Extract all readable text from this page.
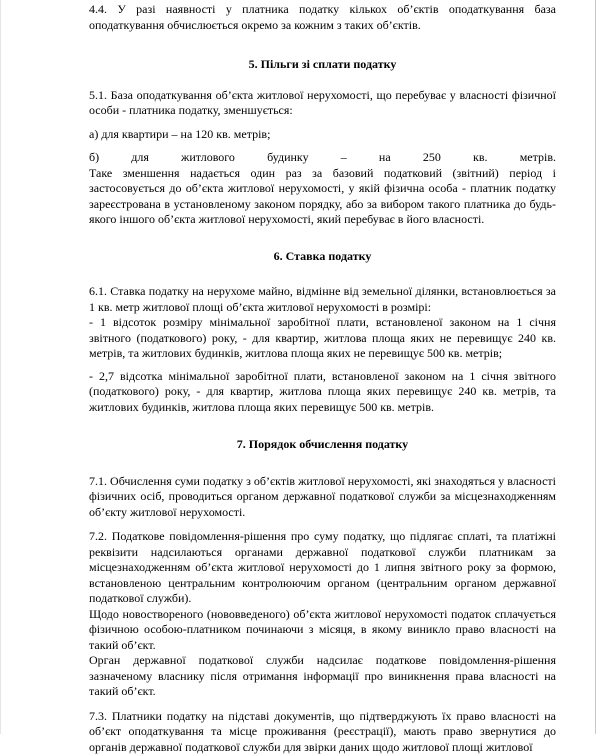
4.4. У разі наявності у платника податку кількох об’єктів оподаткування база оподаткування обчислюється окремо за кожним з таких об’єктів.

5. Пільги зі сплати податку

5.1. База оподаткування об’єкта житлової нерухомості, що перебуває у власності фізичної особи - платника податку, зменшується:

а) для квартири – на 120 кв. метрів;

б) для житлового будинку – на 250 кв. метрів.

Таке зменшення надається один раз за базовий податковий (звітний) період і застосовується до об’єкта житлової нерухомості, у якій фізична особа - платник податку зареєстрована в установленому законом порядку, або за вибором такого платника до будь-якого іншого об’єкта житлової нерухомості, який перебуває в його власності.

6. Ставка податку

6.1. Ставка податку на нерухоме майно, відмінне від земельної ділянки, встановлюється за 1 кв. метр житлової площі об’єкта житлової нерухомості в розмірі:

- 1 відсоток розміру мінімальної заробітної плати, встановленої законом на 1 січня звітного (податкового) року, - для квартир, житлова площа яких не перевищує 240 кв. метрів, та житлових будинків, житлова площа яких не перевищує 500 кв. метрів;

- 2,7 відсотка мінімальної заробітної плати, встановленої законом на 1 січня звітного (податкового) року, - для квартир, житлова площа яких перевищує 240 кв. метрів, та житлових будинків, житлова площа яких перевищує 500 кв. метрів.

7. Порядок обчислення податку

7.1. Обчислення суми податку з об’єктів житлової нерухомості, які знаходяться у власності фізичних осіб, проводиться органом державної податкової служби за місцезнаходженням об’єкту житлової нерухомості.

7.2. Податкове повідомлення-рішення про суму податку, що підлягає сплаті, та платіжні реквізити надсилаються органами державної податкової служби платникам за місцезнаходженням об’єкта житлової нерухомості до 1 липня звітного року за формою, встановленою центральним контролюючим органом (центральним органом державної податкової служби).

Щодо новоствореного (нововведеного) об’єкта житлової нерухомості податок сплачується фізичною особою-платником починаючи з місяця, в якому виникло право власності на такий об’єкт.

Орган державної податкової служби надсилає податкове повідомлення-рішення зазначеному власнику після отримання інформації про виникнення права власності на такий об’єкт.

7.3. Платники податку на підставі документів, що підтверджують їх право власності на об’єкт оподаткування та місце проживання (реєстрації), мають право звернутися до органів державної податкової служби для звірки даних щодо житлової площі житлової
